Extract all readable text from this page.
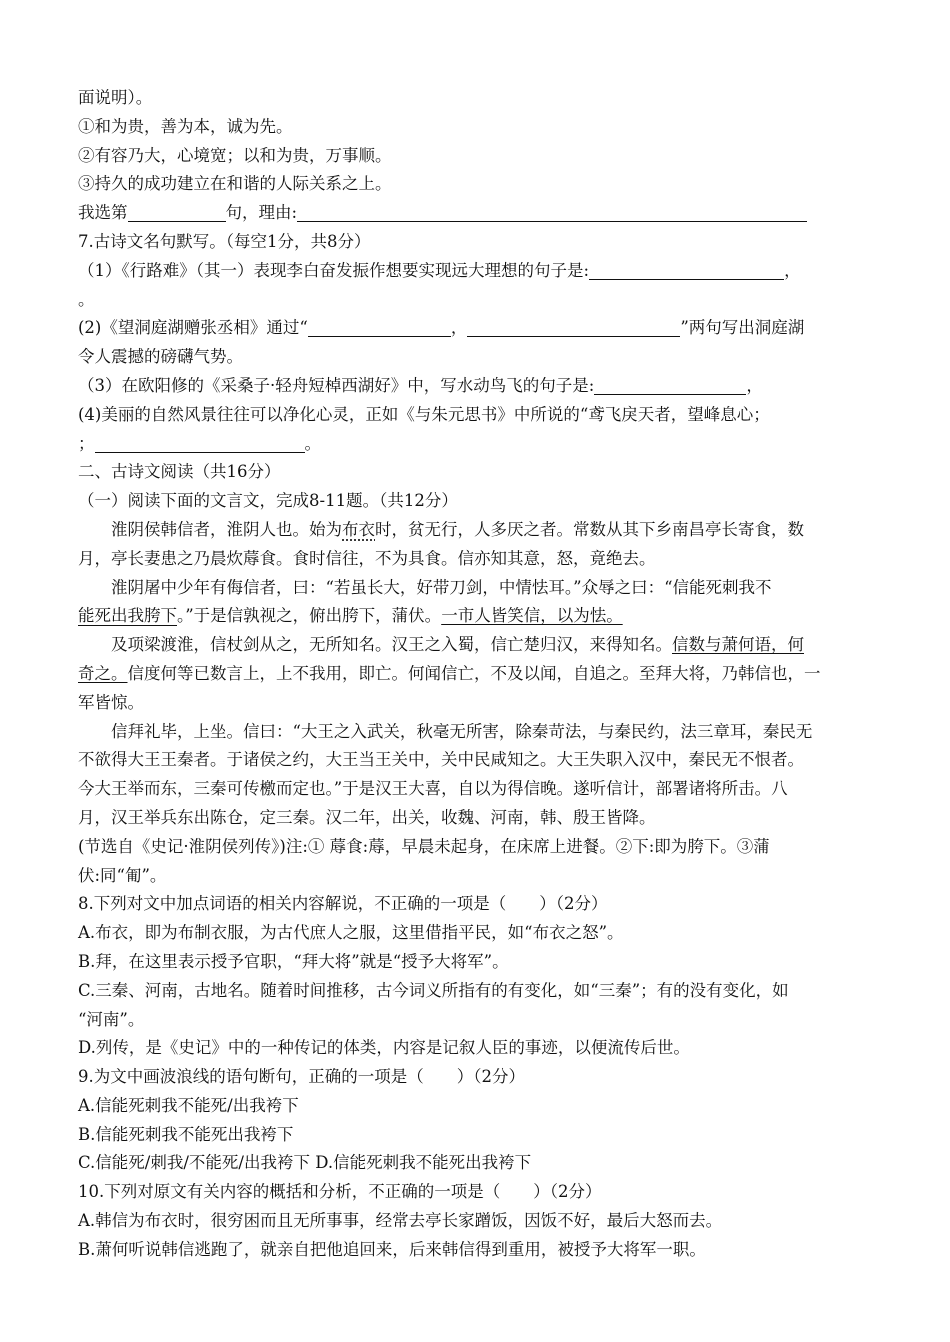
面说明）。
①和为贵，善为本，诚为先。
②有容乃大，心境宽；以和为贵，万事顺。
③持久的成功建立在和谐的人际关系之上。
我选第	句，理由:
7.古诗文名句默写。（每空1分，共8分）
（1）《行路难》（其一）表现李白奋发振作想要实现远大理想的句子是:	，
。
(2)《望洞庭湖赠张丞相》通过“	，	”两句写出洞庭湖
令人震撼的磅礴气势。
（3）在欧阳修的《采桑子·轻舟短棹西湖好》中，写水动鸟飞的句子是:	，
(4)美丽的自然风景往往可以净化心灵，正如《与朱元思书》中所说的“鸢飞戾天者，望峰息心；
；	。
二、古诗文阅读（共16分）
（一）阅读下面的文言文，完成8-11题。（共12分）
淮阴侯韩信者，淮阴人也。始为布衣时，贫无行，人多厌之者。常数从其下乡南昌亭长寄食，数
月，亭长妻患之乃晨炊蓐食。食时信往，不为具食。信亦知其意，怒，竟绝去。
淮阴屠中少年有侮信者，曰：“若虽长大，好带刀剑，中情怯耳。”众辱之曰：“信能死刺我不
能死出我胯下。”于是信孰视之，俯出胯下，蒲伏。一市人皆笑信，以为怯。
及项梁渡淮，信杖剑从之，无所知名。汉王之入蜀，信亡楚归汉，来得知名。信数与萧何语，何
奇之。信度何等已数言上，上不我用，即亡。何闻信亡，不及以闻，自追之。至拜大将，乃韩信也，一
军皆惊。
信拜礼毕，上坐。信曰：“大王之入武关，秋毫无所害，除秦苛法，与秦民约，法三章耳，秦民无
不欲得大王王秦者。于诸侯之约，大王当王关中，关中民咸知之。大王失职入汉中，秦民无不恨者。
今大王举而东，三秦可传檄而定也。”于是汉王大喜，自以为得信晚。遂听信计，部署诸将所击。八
月，汉王举兵东出陈仓，定三秦。汉二年，出关，收魏、河南，韩、殷王皆降。
(节选自《史记·淮阴侯列传》)注:① 蓐食:蓐，早晨未起身，在床席上进餐。②下:即为胯下。③蒲
伏:同“匍”。
8.下列对文中加点词语的相关内容解说，不正确的一项是（　　）（2分）
A.布衣，即为布制衣服，为古代庶人之服，这里借指平民，如“布衣之怒”。
B.拜，在这里表示授予官职，“拜大将”就是“授予大将军”。
C.三秦、河南，古地名。随着时间推移，古今词义所指有的有变化，如“三秦”；有的没有变化，如
“河南”。
D.列传，是《史记》中的一种传记的体类，内容是记叙人臣的事迹，以便流传后世。
9.为文中画波浪线的语句断句，正确的一项是（　　）（2分）
A.信能死刺我不能死/出我袴下
B.信能死刺我不能死出我袴下
C.信能死/刺我/不能死/出我袴下 D.信能死刺我不能死出我袴下
10.下列对原文有关内容的概括和分析，不正确的一项是（　　）（2分）
A.韩信为布衣时，很穷困而且无所事事，经常去亭长家蹭饭，因饭不好，最后大怒而去。
B.萧何听说韩信逃跑了，就亲自把他追回来，后来韩信得到重用，被授予大将军一职。
